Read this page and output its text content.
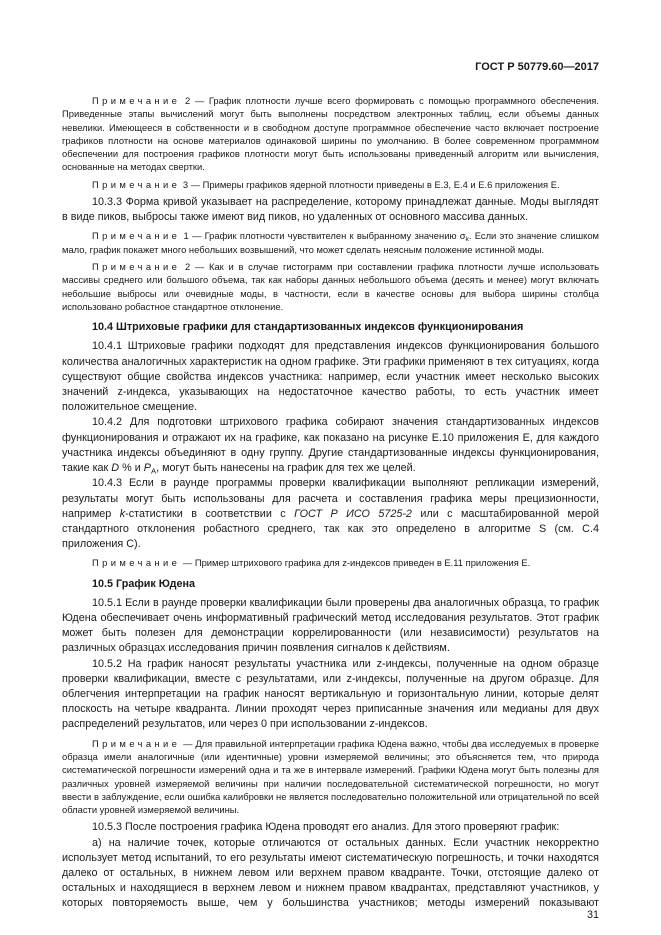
ГОСТ Р 50779.60—2017

Примечание 2 — График плотности лучше всего формировать с помощью программного обеспечения. Приведенные этапы вычислений могут быть выполнены посредством электронных таблиц, если объемы данных невелики. Имеющееся в собственности и в свободном доступе программное обеспечение часто включает построение графиков плотности на основе материалов одинаковой ширины по умолчанию. В более современном программном обеспечении для построения графиков плотности могут быть использованы приведенный алгоритм или вычисления, основанные на методах свертки.

Примечание 3 — Примеры графиков ядерной плотности приведены в Е.3, Е.4 и Е.6 приложения Е.

10.3.3 Форма кривой указывает на распределение, которому принадлежат данные. Моды выглядят в виде пиков, выбросы также имеют вид пиков, но удаленных от основного массива данных.

Примечание 1 — График плотности чувствителен к выбранному значению $\sigma_k$. Если это значение слишком мало, график покажет много небольших возвышений, что может сделать неясным положение истинной моды.

Примечание 2 — Как и в случае гистограмм при составлении графика плотности лучше использовать массивы среднего или большого объема, так как наборы данных небольшого объема (десять и менее) могут включать небольшие выбросы или очевидные моды, в частности, если в качестве основы для выбора ширины столбца использовано робастное стандартное отклонение.

10.4 Штриховые графики для стандартизованных индексов функционирования

10.4.1 Штриховые графики подходят для представления индексов функционирования большого количества аналогичных характеристик на одном графике. Эти графики применяют в тех ситуациях, когда существуют общие свойства индексов участника: например, если участник имеет несколько высоких значений z-индекса, указывающих на недостаточное качество работы, то есть участник имеет положительное смещение.

10.4.2 Для подготовки штрихового графика собирают значения стандартизованных индексов функционирования и отражают их на графике, как показано на рисунке Е.10 приложения Е, для каждого участника индексы объединяют в одну группу. Другие стандартизованные индексы функционирования, такие как D % и $P_A$, могут быть нанесены на график для тех же целей.

10.4.3 Если в раунде программы проверки квалификации выполняют репликации измерений, результаты могут быть использованы для расчета и составления графика меры прецизионности, например k-статистики в соответствии с ГОСТ Р ИСО 5725-2 или с масштабированной мерой стандартного отклонения робастного среднего, так как это определено в алгоритме S (см. С.4 приложения С).

Примечание — Пример штрихового графика для z-индексов приведен в Е.11 приложения Е.

10.5 График Юдена

10.5.1 Если в раунде проверки квалификации были проверены два аналогичных образца, то график Юдена обеспечивает очень информативный графический метод исследования результатов. Этот график может быть полезен для демонстрации коррелированности (или независимости) результатов на различных образцах исследования причин появления сигналов к действиям.

10.5.2 На график наносят результаты участника или z-индексы, полученные на одном образце проверки квалификации, вместе с результатами, или z-индексы, полученные на другом образце. Для облегчения интерпретации на график наносят вертикальную и горизонтальную линии, которые делят плоскость на четыре квадранта. Линии проходят через приписанные значения или медианы для двух распределений результатов, или через 0 при использовании z-индексов.

Примечание — Для правильной интерпретации графика Юдена важно, чтобы два исследуемых в проверке образца имели аналогичные (или идентичные) уровни измеряемой величины; это объясняется тем, что природа систематической погрешности измерений одна и та же в интервале измерений. Графики Юдена могут быть полезны для различных уровней измеряемой величины при наличии последовательной систематической погрешности, но могут ввести в заблуждение, если ошибка калибровки не является последовательно положительной или отрицательной по всей области уровней измеряемой величины.

10.5.3 После построения графика Юдена проводят его анализ. Для этого проверяют график:

а) на наличие точек, которые отличаются от остальных данных. Если участник некорректно использует метод испытаний, то его результаты имеют систематическую погрешность, и точки находятся далеко от остальных, в нижнем левом или верхнем правом квадранте. Точки, отстоящие далеко от остальных и находящиеся в верхнем левом и нижнем правом квадрантах, представляют участников, у которых повторяемость выше, чем у большинства участников; методы измерений показывают

31
